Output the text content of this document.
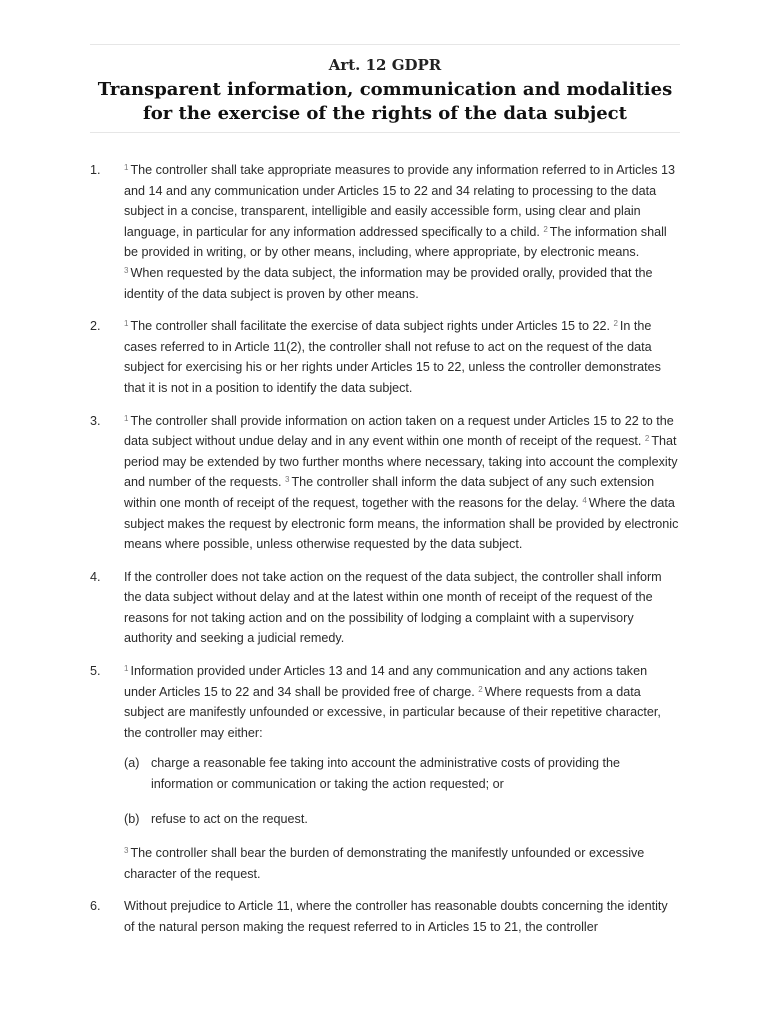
Art. 12 GDPR
Transparent information, communication and modalities for the exercise of the rights of the data subject
1.	$^1$ The controller shall take appropriate measures to provide any information referred to in Articles 13 and 14 and any communication under Articles 15 to 22 and 34 relating to processing to the data subject in a concise, transparent, intelligible and easily accessible form, using clear and plain language, in particular for any information addressed specifically to a child. $^2$ The information shall be provided in writing, or by other means, including, where appropriate, by electronic means. $^3$ When requested by the data subject, the information may be provided orally, provided that the identity of the data subject is proven by other means.
2.	$^1$ The controller shall facilitate the exercise of data subject rights under Articles 15 to 22. $^2$ In the cases referred to in Article 11(2), the controller shall not refuse to act on the request of the data subject for exercising his or her rights under Articles 15 to 22, unless the controller demonstrates that it is not in a position to identify the data subject.
3.	$^1$ The controller shall provide information on action taken on a request under Articles 15 to 22 to the data subject without undue delay and in any event within one month of receipt of the request. $^2$ That period may be extended by two further months where necessary, taking into account the complexity and number of the requests. $^3$ The controller shall inform the data subject of any such extension within one month of receipt of the request, together with the reasons for the delay. $^4$ Where the data subject makes the request by electronic form means, the information shall be provided by electronic means where possible, unless otherwise requested by the data subject.
4. If the controller does not take action on the request of the data subject, the controller shall inform the data subject without delay and at the latest within one month of receipt of the request of the reasons for not taking action and on the possibility of lodging a complaint with a supervisory authority and seeking a judicial remedy.
5.	$^1$ Information provided under Articles 13 and 14 and any communication and any actions taken under Articles 15 to 22 and 34 shall be provided free of charge. $^2$ Where requests from a data subject are manifestly unfounded or excessive, in particular because of their repetitive character, the controller may either:
(a) charge a reasonable fee taking into account the administrative costs of providing the information or communication or taking the action requested; or
(b) refuse to act on the request.
$^3$ The controller shall bear the burden of demonstrating the manifestly unfounded or excessive character of the request.
6. Without prejudice to Article 11, where the controller has reasonable doubts concerning the identity of the natural person making the request referred to in Articles 15 to 21, the controller
